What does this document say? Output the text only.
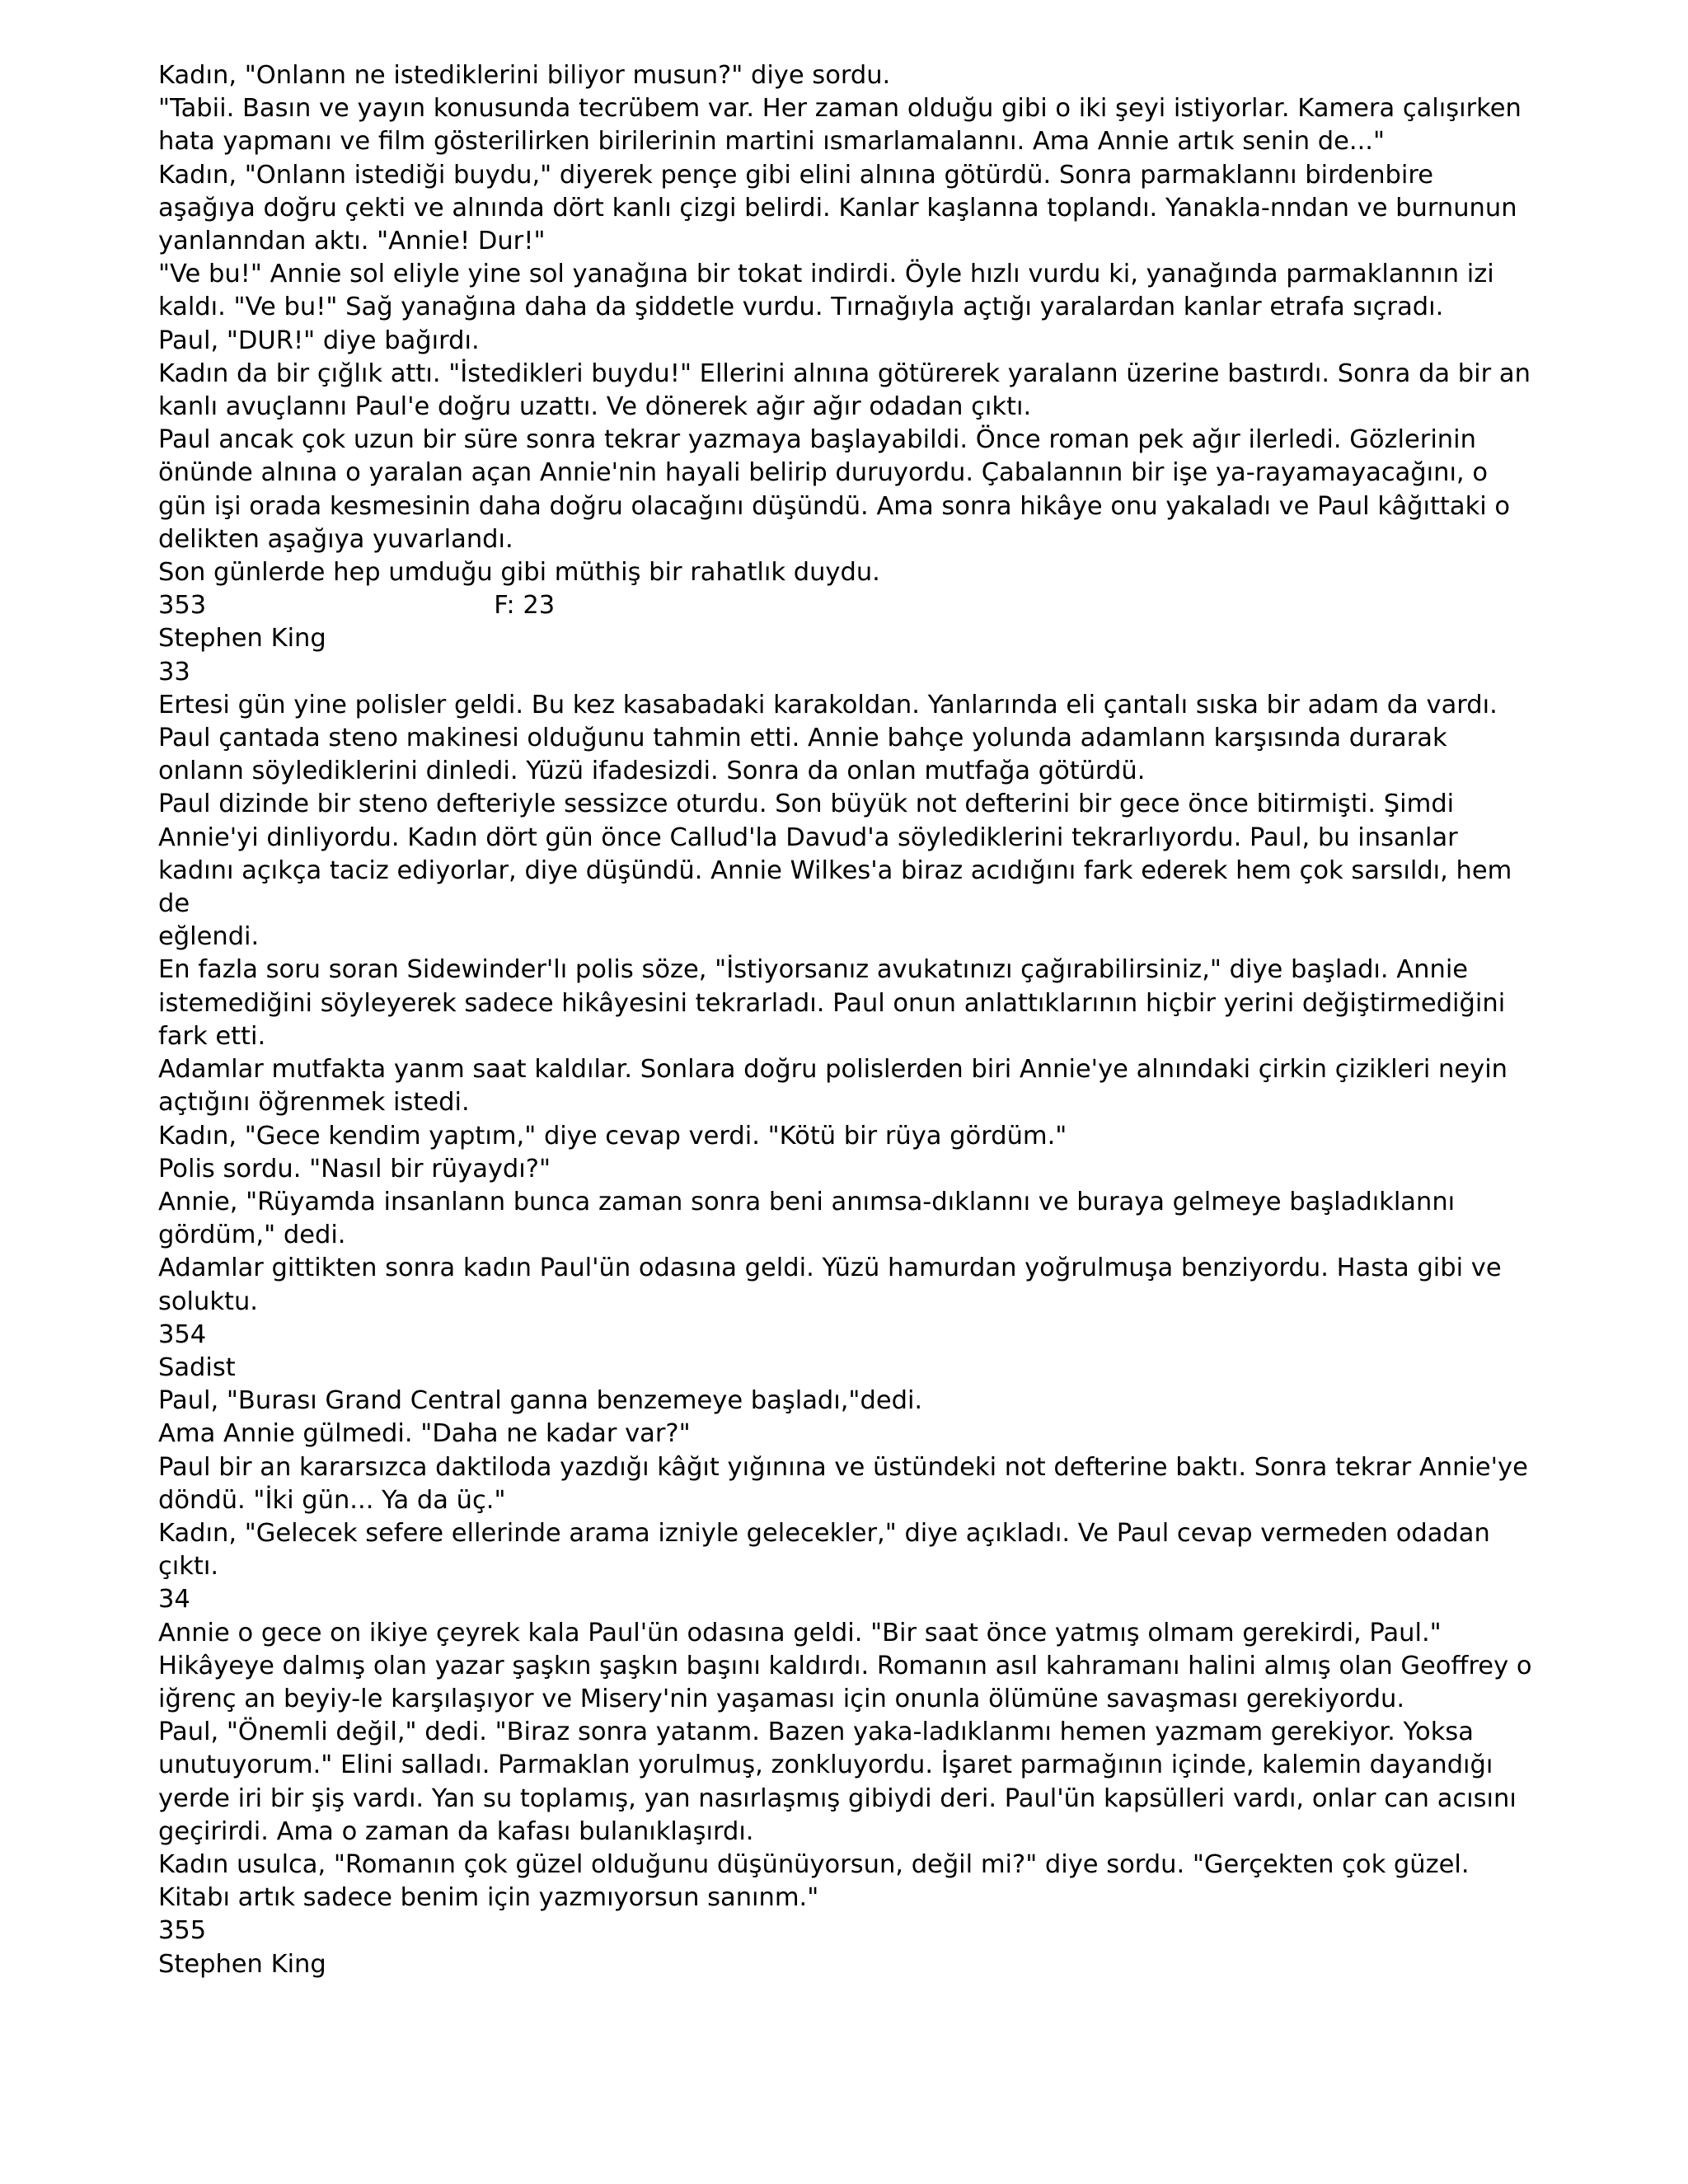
Kadın, "Onlann ne istediklerini biliyor musun?" diye sordu.
"Tabii. Basın ve yayın konusunda tecrübem var. Her zaman olduğu gibi o iki şeyi istiyorlar. Kamera çalışırken
hata yapmanı ve film gösterilirken birilerinin martini ısmarlamalannı. Ama Annie artık senin de..."
Kadın, "Onlann istediği buydu," diyerek pençe gibi elini alnına götürdü. Sonra parmaklannı birdenbire
aşağıya doğru çekti ve alnında dört kanlı çizgi belirdi. Kanlar kaşlanna toplandı. Yanakla-nndan ve burnunun
yanlanndan aktı. "Annie! Dur!"
"Ve bu!" Annie sol eliyle yine sol yanağına bir tokat indirdi. Öyle hızlı vurdu ki, yanağında parmaklannın izi
kaldı. "Ve bu!" Sağ yanağına daha da şiddetle vurdu. Tırnağıyla açtığı yaralardan kanlar etrafa sıçradı.
Paul, "DUR!" diye bağırdı.
Kadın da bir çığlık attı. "İstedikleri buydu!" Ellerini alnına götürerek yaralann üzerine bastırdı. Sonra da bir an
kanlı avuçlannı Paul'e doğru uzattı. Ve dönerek ağır ağır odadan çıktı.
Paul ancak çok uzun bir süre sonra tekrar yazmaya başlayabildi. Önce roman pek ağır ilerledi. Gözlerinin
önünde alnına o yaralan açan Annie'nin hayali belirip duruyordu. Çabalannın bir işe ya-rayamayacağını, o
gün işi orada kesmesinin daha doğru olacağını düşündü. Ama sonra hikâye onu yakaladı ve Paul kâğıttaki o
delikten aşağıya yuvarlandı.
Son günlerde hep umduğu gibi müthiş bir rahatlık duydu.
353                                    F: 23
Stephen King
33
Ertesi gün yine polisler geldi. Bu kez kasabadaki karakoldan. Yanlarında eli çantalı sıska bir adam da vardı.
Paul çantada steno makinesi olduğunu tahmin etti. Annie bahçe yolunda adamlann karşısında durarak
onlann söylediklerini dinledi. Yüzü ifadesizdi. Sonra da onlan mutfağa götürdü.
Paul dizinde bir steno defteriyle sessizce oturdu. Son büyük not defterini bir gece önce bitirmişti. Şimdi
Annie'yi dinliyordu. Kadın dört gün önce Callud'la Davud'a söylediklerini tekrarlıyordu. Paul, bu insanlar
kadını açıkça taciz ediyorlar, diye düşündü. Annie Wilkes'a biraz acıdığını fark ederek hem çok sarsıldı, hem
de
eğlendi.
En fazla soru soran Sidewinder'lı polis söze, "İstiyorsanız avukatınızı çağırabilirsiniz," diye başladı. Annie
istemediğini söyleyerek sadece hikâyesini tekrarladı. Paul onun anlattıklarının hiçbir yerini değiştirmediğini
fark etti.
Adamlar mutfakta yanm saat kaldılar. Sonlara doğru polislerden biri Annie'ye alnındaki çirkin çizikleri neyin
açtığını öğrenmek istedi.
Kadın, "Gece kendim yaptım," diye cevap verdi. "Kötü bir rüya gördüm."
Polis sordu. "Nasıl bir rüyaydı?"
Annie, "Rüyamda insanlann bunca zaman sonra beni anımsa-dıklannı ve buraya gelmeye başladıklannı
gördüm," dedi.
Adamlar gittikten sonra kadın Paul'ün odasına geldi. Yüzü hamurdan yoğrulmuşa benziyordu. Hasta gibi ve
soluktu.
354
Sadist
Paul, "Burası Grand Central ganna benzemeye başladı,"dedi.
Ama Annie gülmedi. "Daha ne kadar var?"
Paul bir an kararsızca daktiloda yazdığı kâğıt yığınına ve üstündeki not defterine baktı. Sonra tekrar Annie'ye
döndü. "İki gün... Ya da üç."
Kadın, "Gelecek sefere ellerinde arama izniyle gelecekler," diye açıkladı. Ve Paul cevap vermeden odadan
çıktı.
34
Annie o gece on ikiye çeyrek kala Paul'ün odasına geldi. "Bir saat önce yatmış olmam gerekirdi, Paul."
Hikâyeye dalmış olan yazar şaşkın şaşkın başını kaldırdı. Romanın asıl kahramanı halini almış olan Geoffrey o
iğrenç an beyiy-le karşılaşıyor ve Misery'nin yaşaması için onunla ölümüne savaşması gerekiyordu.
Paul, "Önemli değil," dedi. "Biraz sonra yatanm. Bazen yaka-ladıklanmı hemen yazmam gerekiyor. Yoksa
unutuyorum." Elini salladı. Parmaklan yorulmuş, zonkluyordu. İşaret parmağının içinde, kalemin dayandığı
yerde iri bir şiş vardı. Yan su toplamış, yan nasırlaşmış gibiydi deri. Paul'ün kapsülleri vardı, onlar can acısını
geçirirdi. Ama o zaman da kafası bulanıklaşırdı.
Kadın usulca, "Romanın çok güzel olduğunu düşünüyorsun, değil mi?" diye sordu. "Gerçekten çok güzel.
Kitabı artık sadece benim için yazmıyorsun sanınm."
355
Stephen King
